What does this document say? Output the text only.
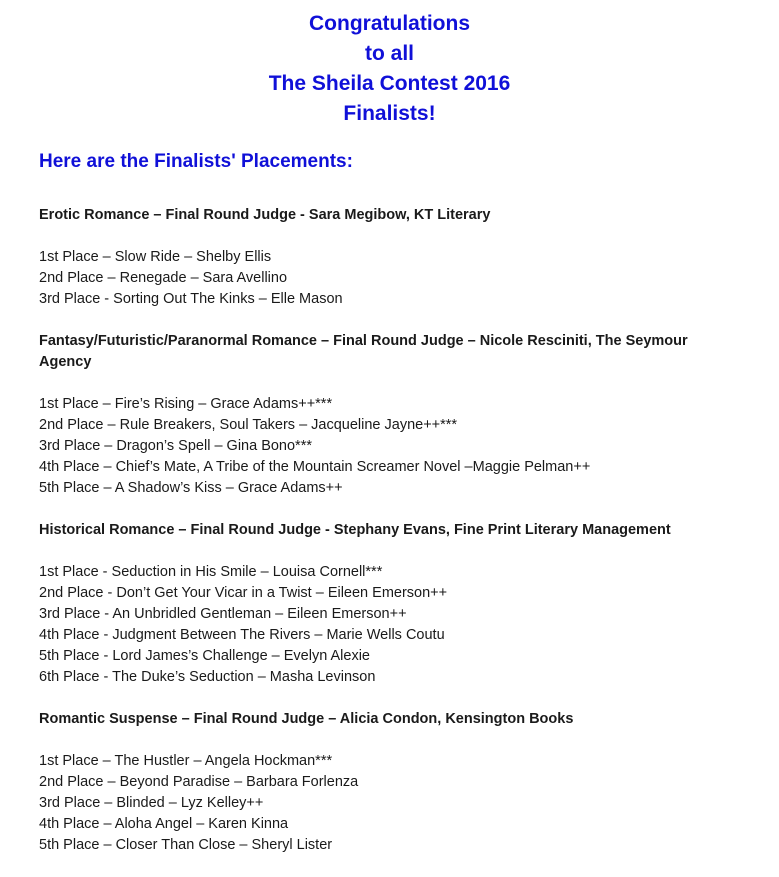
Congratulations
to all
The Sheila Contest 2016
Finalists!
Here are the Finalists' Placements:
Erotic Romance – Final Round Judge - Sara Megibow, KT Literary
1st Place – Slow Ride – Shelby Ellis
2nd Place – Renegade – Sara Avellino
3rd Place - Sorting Out The Kinks – Elle Mason
Fantasy/Futuristic/Paranormal Romance – Final Round Judge – Nicole Resciniti, The Seymour Agency
1st Place – Fire’s Rising – Grace Adams++***
2nd Place – Rule Breakers, Soul Takers – Jacqueline Jayne++***
3rd Place – Dragon’s Spell – Gina Bono***
4th Place – Chief’s Mate, A Tribe of the Mountain Screamer Novel –Maggie Pelman++
5th Place – A Shadow’s Kiss – Grace Adams++
Historical Romance – Final Round Judge - Stephany Evans, Fine Print Literary Management
1st Place - Seduction in His Smile – Louisa Cornell***
2nd Place - Don’t Get Your Vicar in a Twist – Eileen Emerson++
3rd Place - An Unbridled Gentleman – Eileen Emerson++
4th Place - Judgment Between The Rivers – Marie Wells Coutu
5th Place - Lord James’s Challenge – Evelyn Alexie
6th Place - The Duke’s Seduction – Masha Levinson
Romantic Suspense – Final Round Judge – Alicia Condon, Kensington Books
1st Place – The Hustler – Angela Hockman***
2nd Place – Beyond Paradise – Barbara Forlenza
3rd Place – Blinded – Lyz Kelley++
4th Place – Aloha Angel – Karen Kinna
5th Place – Closer Than Close – Sheryl Lister
